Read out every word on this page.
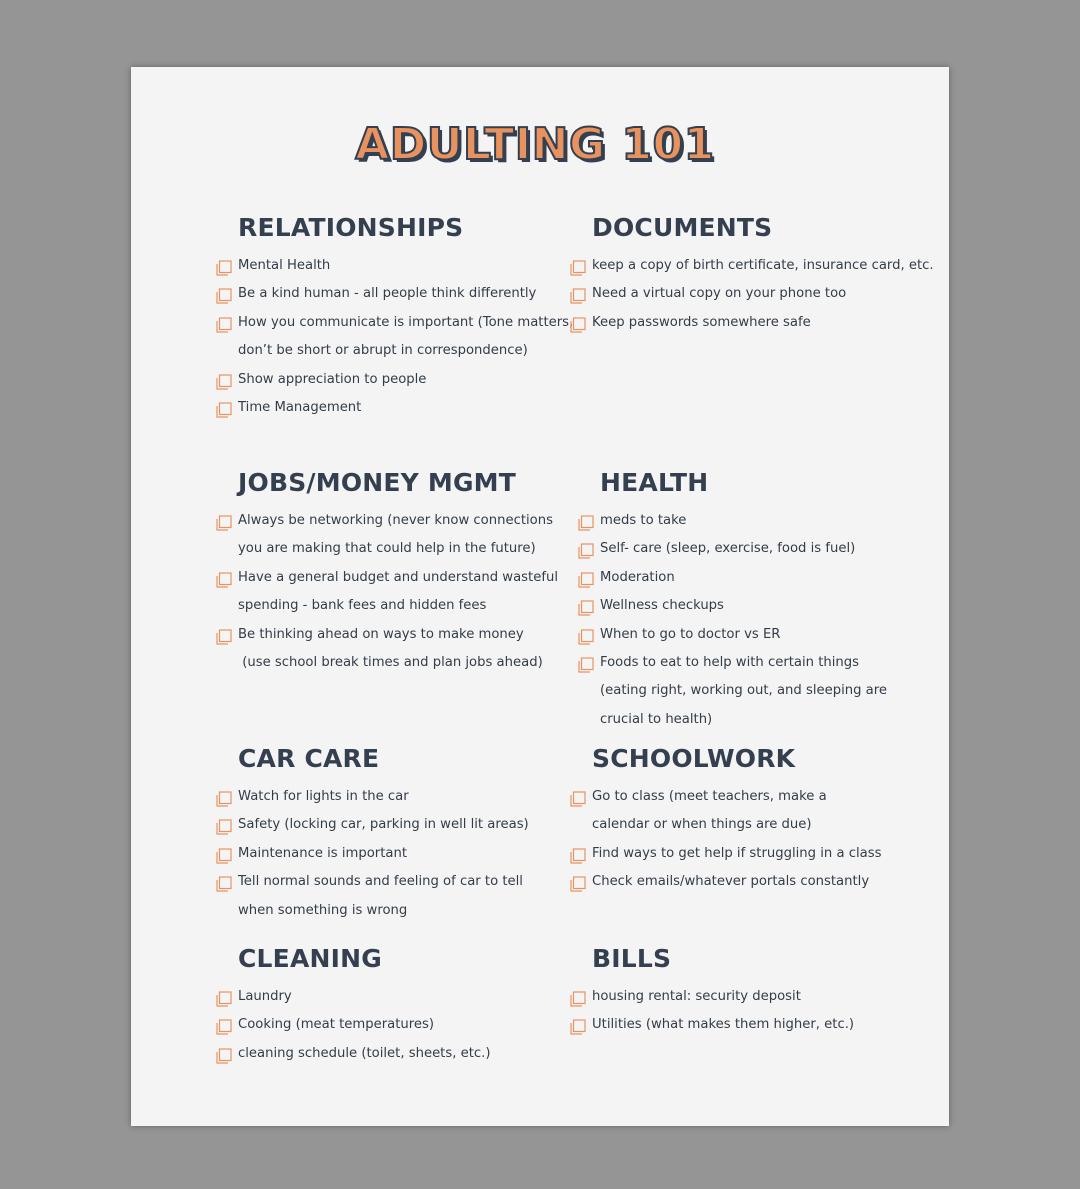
ADULTING 101
RELATIONSHIPS
Mental Health
Be a kind human - all people think differently
How you communicate is important (Tone matters,
don’t be short or abrupt in correspondence)
Show appreciation to people
Time Management
DOCUMENTS
keep a copy of birth certificate, insurance card, etc.
Need a virtual copy on your phone too
Keep passwords somewhere safe
JOBS/MONEY MGMT
Always be networking (never know connections
you are making that could help in the future)
Have a general budget and understand wasteful
spending - bank fees and hidden fees
Be thinking ahead on ways to make money
(use school break times and plan jobs ahead)
HEALTH
meds to take
Self- care (sleep, exercise, food is fuel)
Moderation
Wellness checkups
When to go to doctor vs ER
Foods to eat to help with certain things
(eating right, working out, and sleeping are
crucial to health)
CAR CARE
Watch for lights in the car
Safety (locking car, parking in well lit areas)
Maintenance is important
Tell normal sounds and feeling of car to tell
when something is wrong
SCHOOLWORK
Go to class (meet teachers, make a
calendar or when things are due)
Find ways to get help if struggling in a class
Check emails/whatever portals constantly
CLEANING
Laundry
Cooking (meat temperatures)
cleaning schedule (toilet, sheets, etc.)
BILLS
housing rental: security deposit
Utilities (what makes them higher, etc.)
